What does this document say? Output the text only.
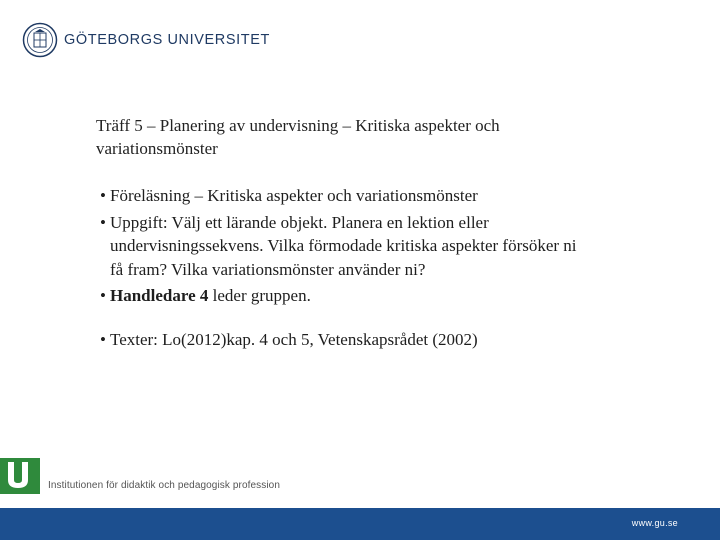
GÖTEBORGS UNIVERSITET
Träff 5 – Planering av undervisning – Kritiska aspekter och
variationsmönster
• Föreläsning – Kritiska aspekter och variationsmönster
• Uppgift: Välj ett lärande objekt. Planera en lektion eller
undervisningssekvens. Vilka förmodade kritiska aspekter försöker ni
få fram? Vilka variationsmönster använder ni?
• Handledare 4 leder gruppen.
• Texter: Lo(2012)kap. 4 och 5, Vetenskapsrådet (2002)
Institutionen för didaktik och pedagogisk profession
www.gu.se
